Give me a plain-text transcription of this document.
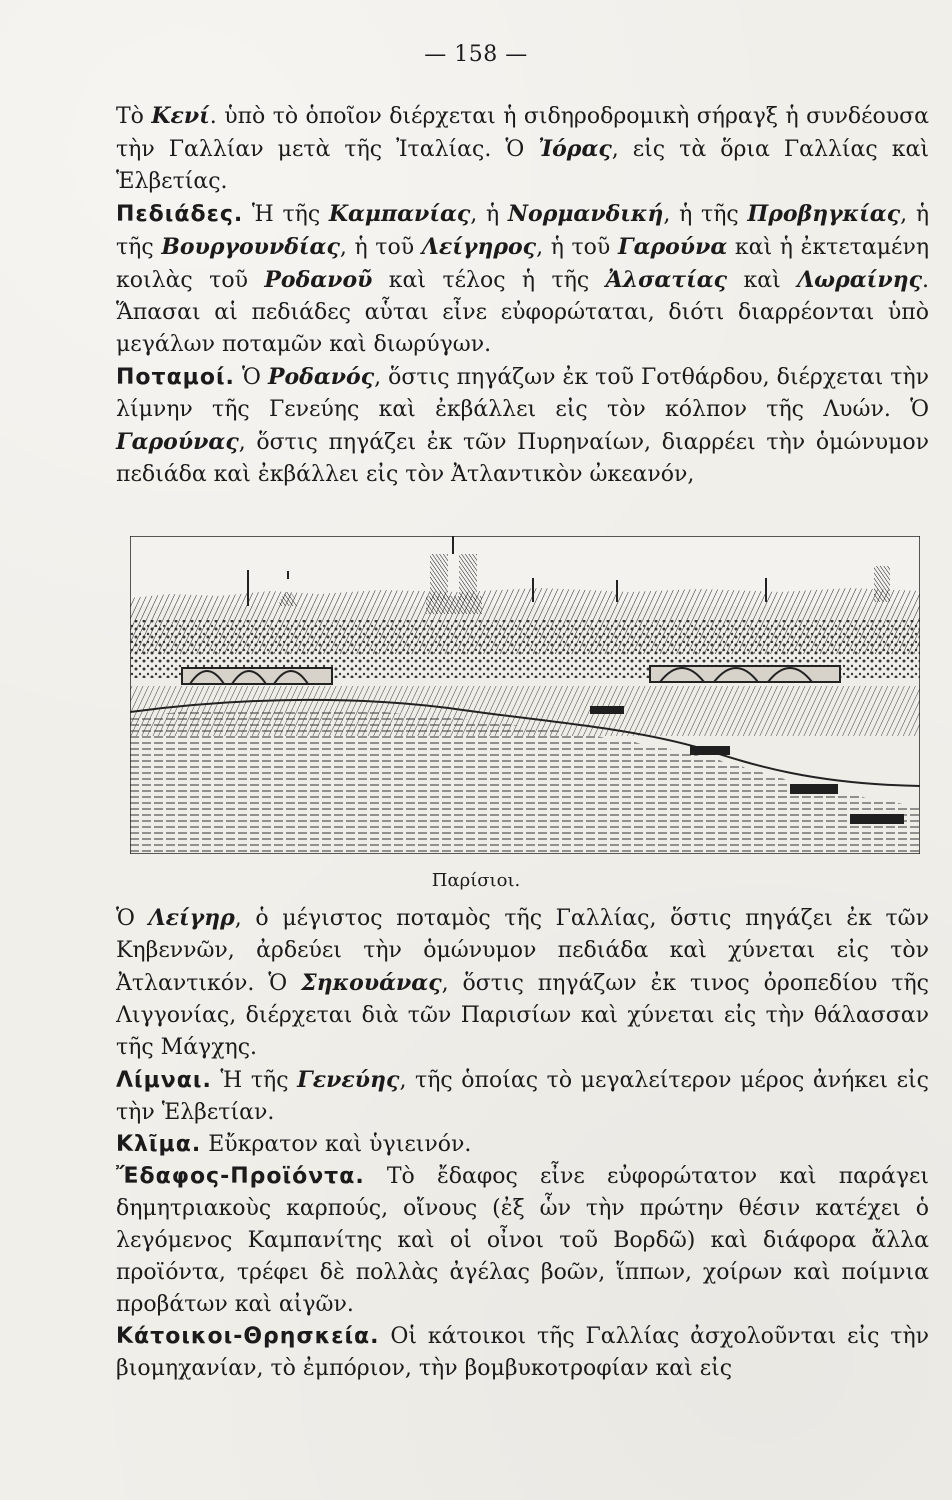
— 158 —

Τὸ Κενί. ὑπὸ τὸ ὁποῖον διέρχεται ἡ σιδηροδρομικὴ σήραγξ ἡ συνδέουσα τὴν Γαλλίαν μετὰ τῆς Ἰταλίας. Ὁ Ἰόρας, εἰς τὰ ὅρια Γαλλίας καὶ Ἑλβετίας.

Πεδιάδες. Ἡ τῆς Καμπανίας, ἡ Νορμανδική, ἡ τῆς Προβηγκίας, ἡ τῆς Βουργουνδίας, ἡ τοῦ Λείγηρος, ἡ τοῦ Γαρούνα καὶ ἡ ἐκτεταμένη κοιλὰς τοῦ Ροδανοῦ καὶ τέλος ἡ τῆς Ἀλσατίας καὶ Λωραίνης. Ἅπασαι αἱ πεδιάδες αὗται εἶνε εὐφορώταται, διότι διαρρέονται ὑπὸ μεγάλων ποταμῶν καὶ διωρύγων.

Ποταμοί. Ὁ Ροδανός, ὅστις πηγάζων ἐκ τοῦ Γοτθάρδου, διέρχεται τὴν λίμνην τῆς Γενεύης καὶ ἐκβάλλει εἰς τὸν κόλπον τῆς Λυών. Ὁ Γαρούνας, ὅστις πηγάζει ἐκ τῶν Πυρηναίων, διαρρέει τὴν ὁμώνυμον πεδιάδα καὶ ἐκβάλλει εἰς τὸν Ἀτλαντικὸν ὠκεανόν,

Παρίσιοι.

Ὁ Λείγηρ, ὁ μέγιστος ποταμὸς τῆς Γαλλίας, ὅστις πηγάζει ἐκ τῶν Κηβεννῶν, ἀρδεύει τὴν ὁμώνυμον πεδιάδα καὶ χύνεται εἰς τὸν Ἀτλαντικόν. Ὁ Σηκουάνας, ὅστις πηγάζων ἐκ τινος ὀροπεδίου τῆς Λιγγονίας, διέρχεται διὰ τῶν Παρισίων καὶ χύνεται εἰς τὴν θάλασσαν τῆς Μάγχης.

Λίμναι. Ἡ τῆς Γενεύης, τῆς ὁποίας τὸ μεγαλείτερον μέρος ἀνήκει εἰς τὴν Ἑλβετίαν.

Κλῖμα. Εὔκρατον καὶ ὑγιεινόν.

Ἔδαφος-Προϊόντα. Τὸ ἔδαφος εἶνε εὐφορώτατον καὶ παράγει δημητριακοὺς καρπούς, οἴνους (ἐξ ὧν τὴν πρώτην θέσιν κατέχει ὁ λεγόμενος Καμπανίτης καὶ οἱ οἶνοι τοῦ Βορδῶ) καὶ διάφορα ἄλλα προϊόντα, τρέφει δὲ πολλὰς ἀγέλας βοῶν, ἵππων, χοίρων καὶ ποίμνια προβάτων καὶ αἰγῶν.

Κάτοικοι-Θρησκεία. Οἱ κάτοικοι τῆς Γαλλίας ἀσχολοῦνται εἰς τὴν βιομηχανίαν, τὸ ἐμπόριον, τὴν βομβυκοτροφίαν καὶ εἰς
